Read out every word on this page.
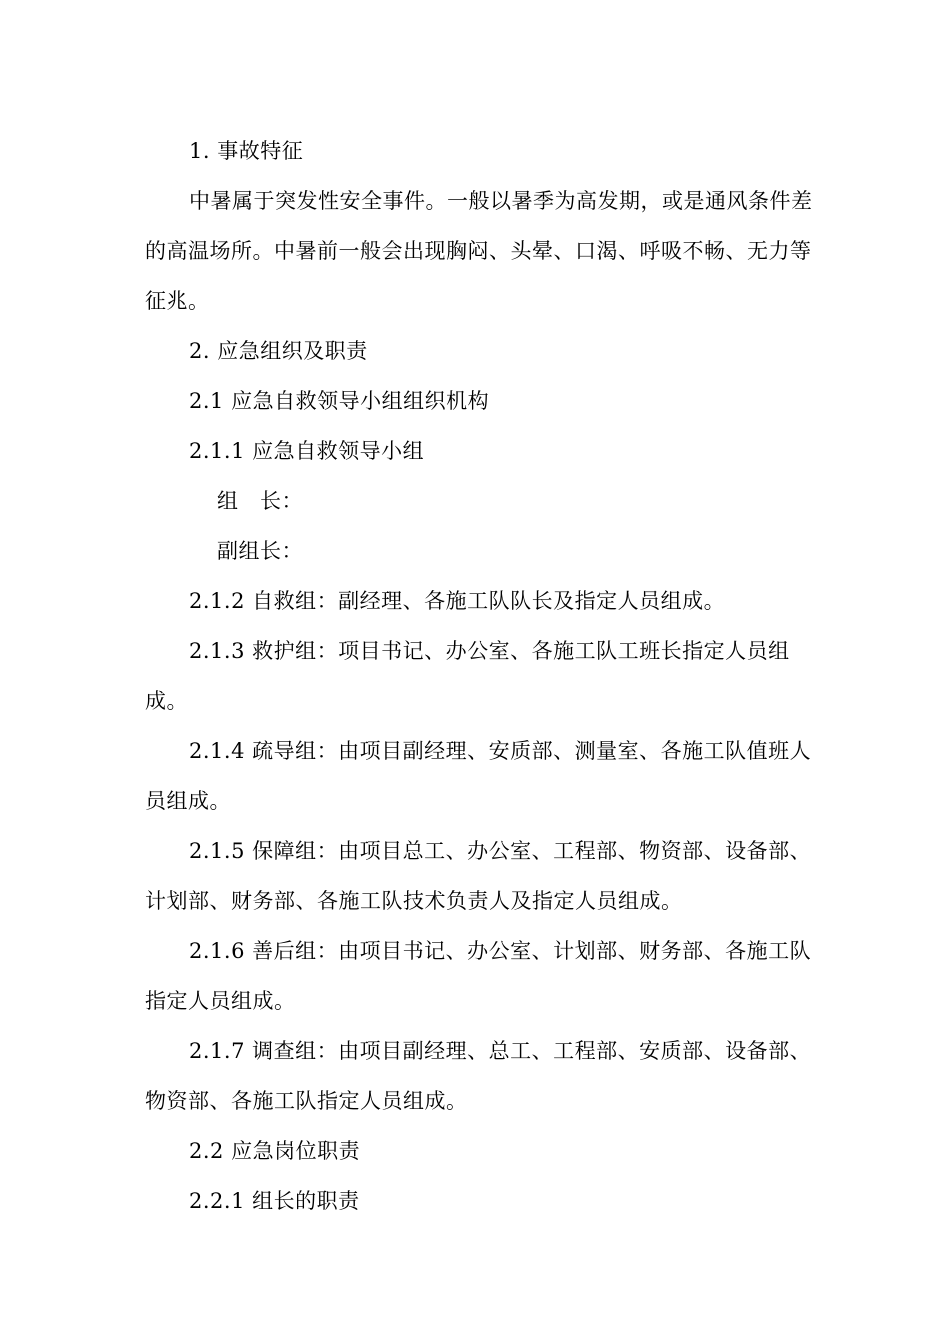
1. 事故特征

中暑属于突发性安全事件。一般以暑季为高发期，或是通风条件差的高温场所。中暑前一般会出现胸闷、头晕、口渴、呼吸不畅、无力等征兆。

2. 应急组织及职责

2.1 应急自救领导小组组织机构

2.1.1 应急自救领导小组

组　长：

副组长：

2.1.2 自救组：副经理、各施工队队长及指定人员组成。

2.1.3 救护组：项目书记、办公室、各施工队工班长指定人员组成。

2.1.4 疏导组：由项目副经理、安质部、测量室、各施工队值班人员组成。

2.1.5 保障组：由项目总工、办公室、工程部、物资部、设备部、计划部、财务部、各施工队技术负责人及指定人员组成。

2.1.6 善后组：由项目书记、办公室、计划部、财务部、各施工队指定人员组成。

2.1.7 调查组：由项目副经理、总工、工程部、安质部、设备部、物资部、各施工队指定人员组成。

2.2 应急岗位职责

2.2.1 组长的职责
